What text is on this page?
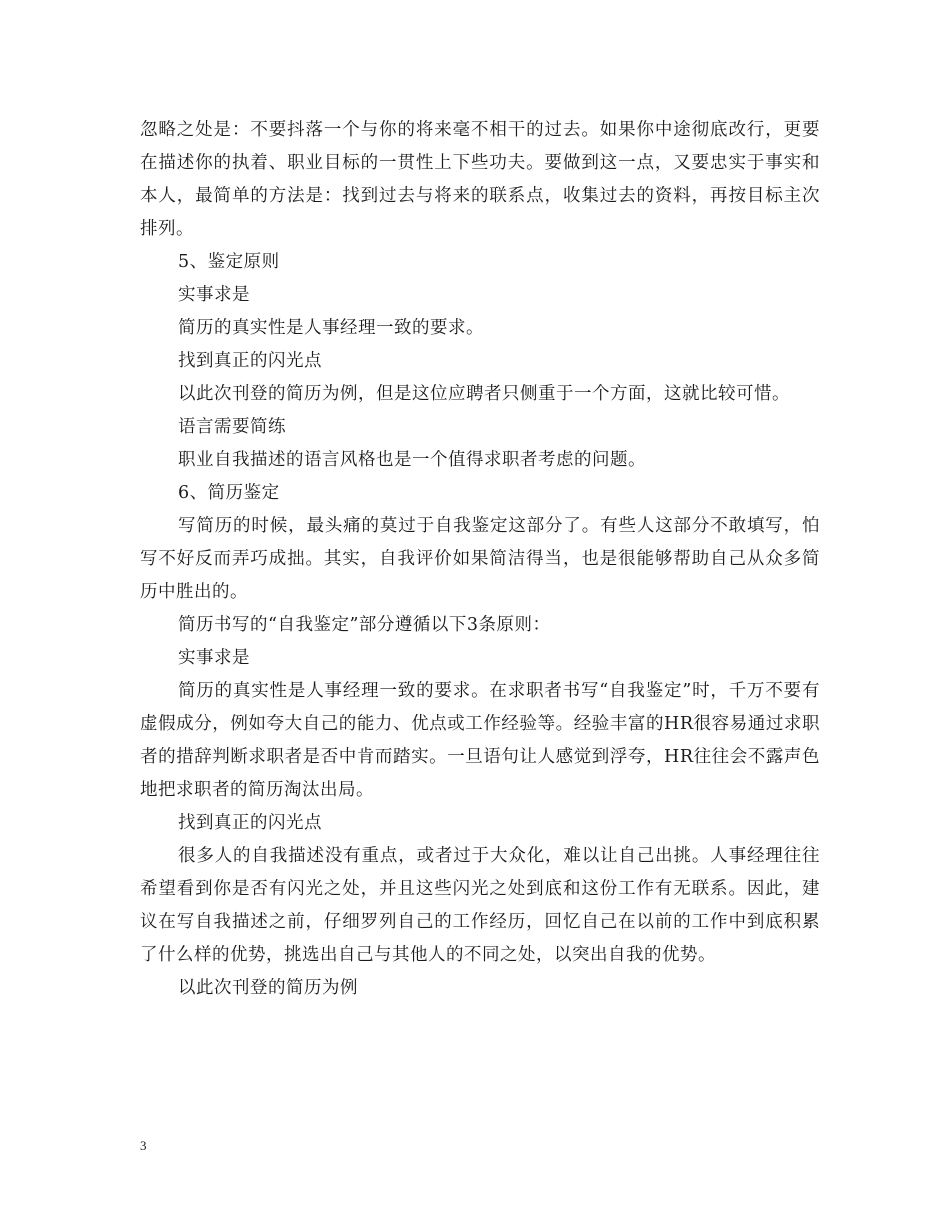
忽略之处是：不要抖落一个与你的将来毫不相干的过去。如果你中途彻底改行，更要在描述你的执着、职业目标的一贯性上下些功夫。要做到这一点，又要忠实于事实和本人，最简单的方法是：找到过去与将来的联系点，收集过去的资料，再按目标主次排列。

5、鉴定原则

实事求是

简历的真实性是人事经理一致的要求。

找到真正的闪光点

以此次刊登的简历为例，但是这位应聘者只侧重于一个方面，这就比较可惜。

语言需要简练

职业自我描述的语言风格也是一个值得求职者考虑的问题。

6、简历鉴定

写简历的时候，最头痛的莫过于自我鉴定这部分了。有些人这部分不敢填写，怕写不好反而弄巧成拙。其实，自我评价如果简洁得当，也是很能够帮助自己从众多简历中胜出的。

简历书写的“自我鉴定”部分遵循以下3条原则：

实事求是

简历的真实性是人事经理一致的要求。在求职者书写“自我鉴定”时，千万不要有虚假成分，例如夸大自己的能力、优点或工作经验等。经验丰富的HR很容易通过求职者的措辞判断求职者是否中肯而踏实。一旦语句让人感觉到浮夸，HR往往会不露声色地把求职者的简历淘汰出局。

找到真正的闪光点

很多人的自我描述没有重点，或者过于大众化，难以让自己出挑。人事经理往往希望看到你是否有闪光之处，并且这些闪光之处到底和这份工作有无联系。因此，建议在写自我描述之前，仔细罗列自己的工作经历，回忆自己在以前的工作中到底积累了什么样的优势，挑选出自己与其他人的不同之处，以突出自我的优势。

以此次刊登的简历为例

3
